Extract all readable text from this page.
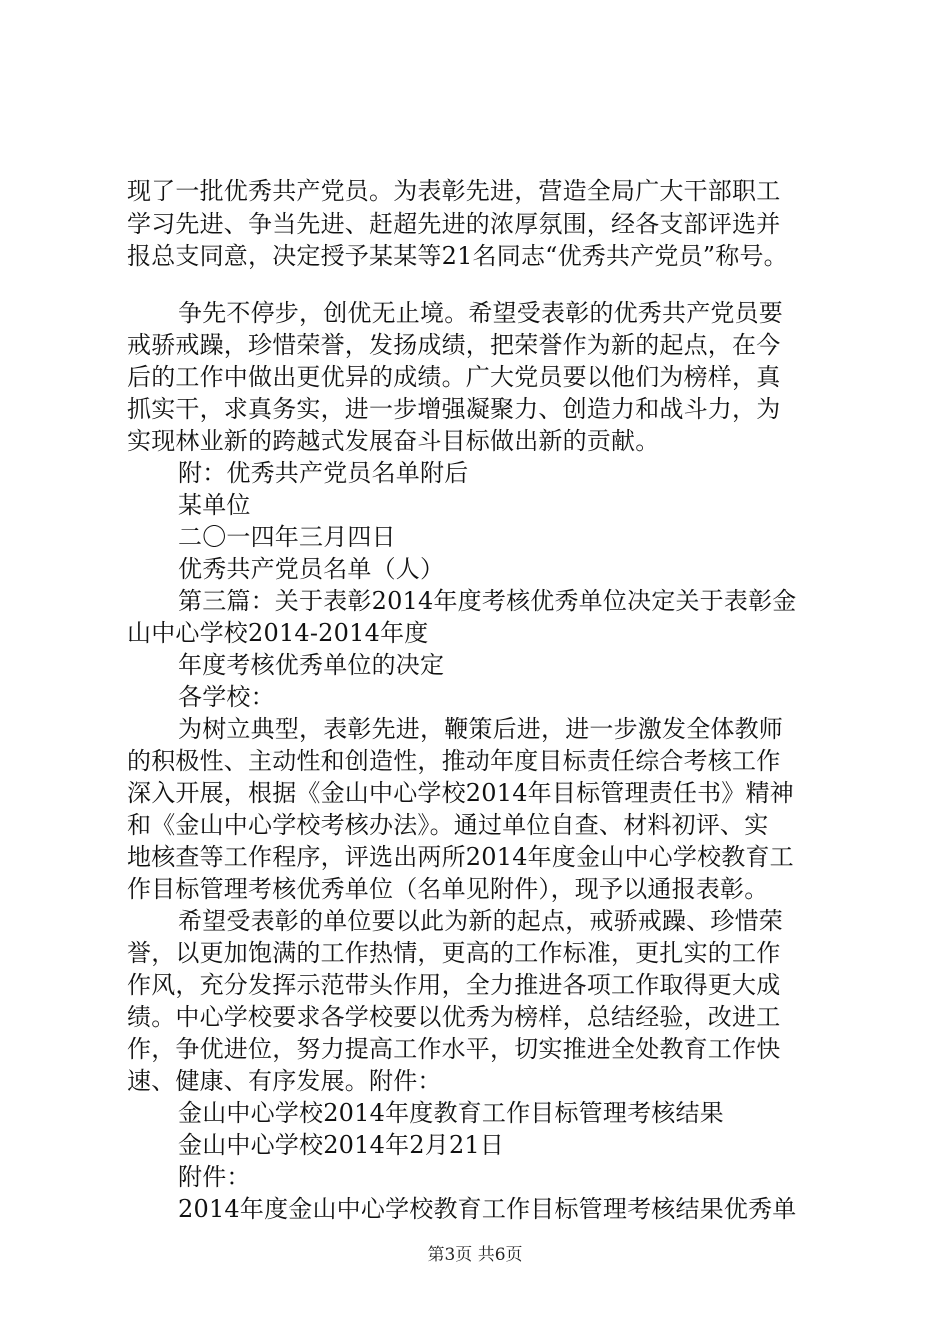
现了一批优秀共产党员。为表彰先进，营造全局广大干部职工
学习先进、争当先进、赶超先进的浓厚氛围，经各支部评选并
报总支同意，决定授予某某等21名同志“优秀共产党员”称号。
争先不停步，创优无止境。希望受表彰的优秀共产党员要
戒骄戒躁，珍惜荣誉，发扬成绩，把荣誉作为新的起点，在今
后的工作中做出更优异的成绩。广大党员要以他们为榜样，真
抓实干，求真务实，进一步增强凝聚力、创造力和战斗力，为
实现林业新的跨越式发展奋斗目标做出新的贡献。
附：优秀共产党员名单附后
某单位
二〇一四年三月四日
优秀共产党员名单（人）
第三篇：关于表彰2014年度考核优秀单位决定关于表彰金
山中心学校2014-2014年度
年度考核优秀单位的决定
各学校：
为树立典型，表彰先进，鞭策后进，进一步激发全体教师
的积极性、主动性和创造性，推动年度目标责任综合考核工作
深入开展，根据《金山中心学校2014年目标管理责任书》精神
和《金山中心学校考核办法》。通过单位自查、材料初评、实
地核查等工作程序，评选出两所2014年度金山中心学校教育工
作目标管理考核优秀单位（名单见附件），现予以通报表彰。
希望受表彰的单位要以此为新的起点，戒骄戒躁、珍惜荣
誉，以更加饱满的工作热情，更高的工作标准，更扎实的工作
作风，充分发挥示范带头作用，全力推进各项工作取得更大成
绩。中心学校要求各学校要以优秀为榜样，总结经验，改进工
作，争优进位，努力提高工作水平，切实推进全处教育工作快
速、健康、有序发展。附件：
金山中心学校2014年度教育工作目标管理考核结果
金山中心学校2014年2月21日
附件：
2014年度金山中心学校教育工作目标管理考核结果优秀单
第3页 共6页
